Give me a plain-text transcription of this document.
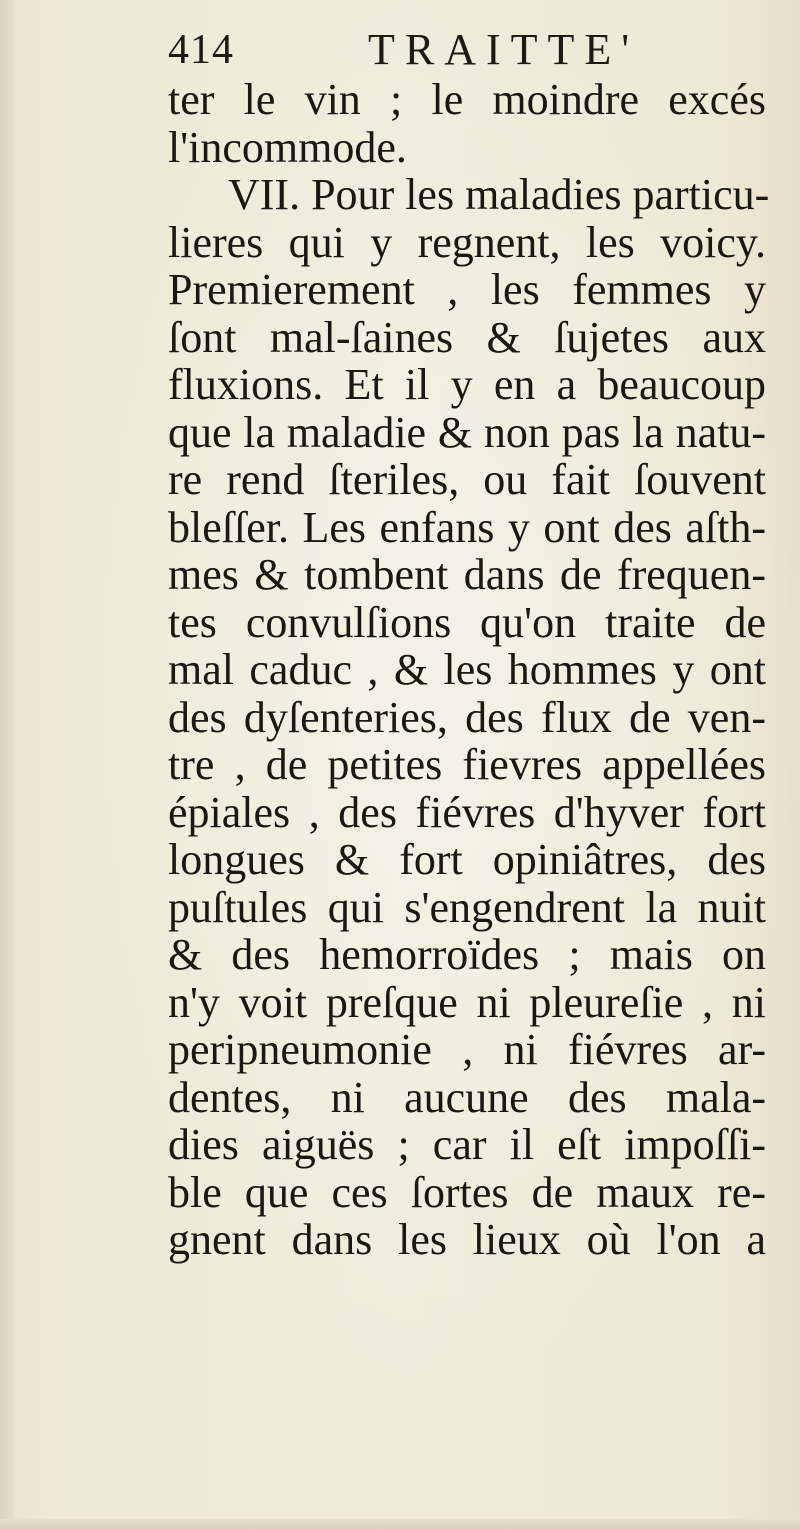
414	TRAITTE'
ter le vin ; le moindre excés
l'incommode.
VII. Pour les maladies particu-
lieres qui y regnent, les voicy.
Premierement , les femmes y
ſont mal-ſaines & ſujetes aux
fluxions. Et il y en a beaucoup
que la maladie & non pas la natu-
re rend ſteriles, ou fait ſouvent
bleſſer. Les enfans y ont des aſth-
mes & tombent dans de frequen-
tes convulſions qu'on traite de
mal caduc , & les hommes y ont
des dyſenteries, des flux de ven-
tre , de petites fievres appellées
épiales , des fiévres d'hyver fort
longues & fort opiniâtres, des
puſtules qui s'engendrent la nuit
& des hemorroïdes ; mais on
n'y voit preſque ni pleureſie , ni
peripneumonie , ni fiévres ar-
dentes, ni aucune des mala-
dies aiguës ; car il eſt impoſſi-
ble que ces ſortes de maux re-
gnent dans les lieux où l'on a
